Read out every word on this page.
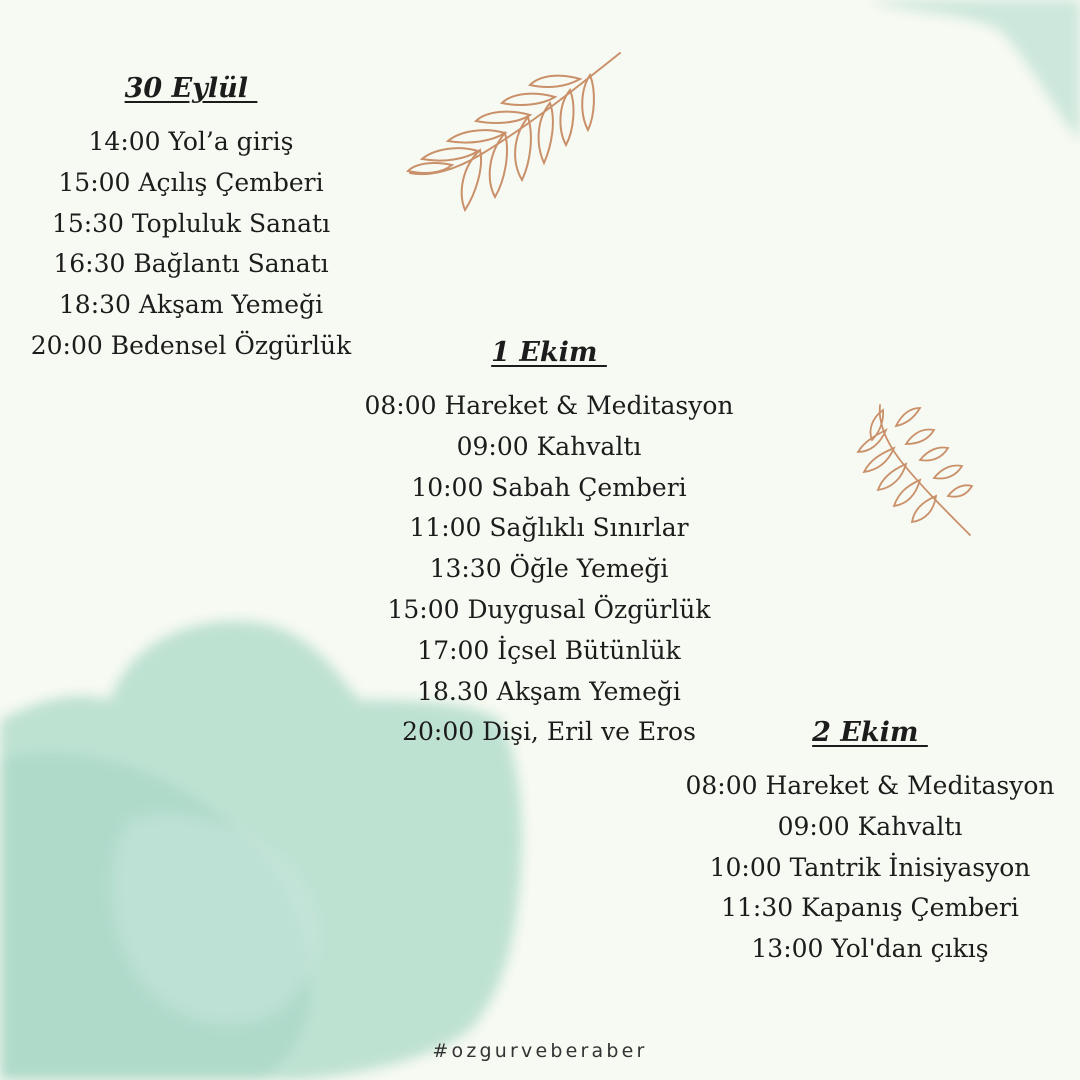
30 Eylül
14:00 Yol’a giriş
15:00 Açılış Çemberi
15:30 Topluluk Sanatı
16:30 Bağlantı Sanatı
18:30 Akşam Yemeği
20:00 Bedensel Özgürlük	1 Ekim
08:00 Hareket & Meditasyon
09:00 Kahvaltı
10:00 Sabah Çemberi
11:00 Sağlıklı Sınırlar
13:30 Öğle Yemeği
15:00 Duygusal Özgürlük
17:00 İçsel Bütünlük
18.30 Akşam Yemeği
20:00 Dişi, Eril ve Eros	2 Ekim
08:00 Hareket & Meditasyon
09:00 Kahvaltı
10:00 Tantrik İnisiyasyon
11:30 Kapanış Çemberi
13:00 Yol'dan çıkış
#ozgurveberaber
